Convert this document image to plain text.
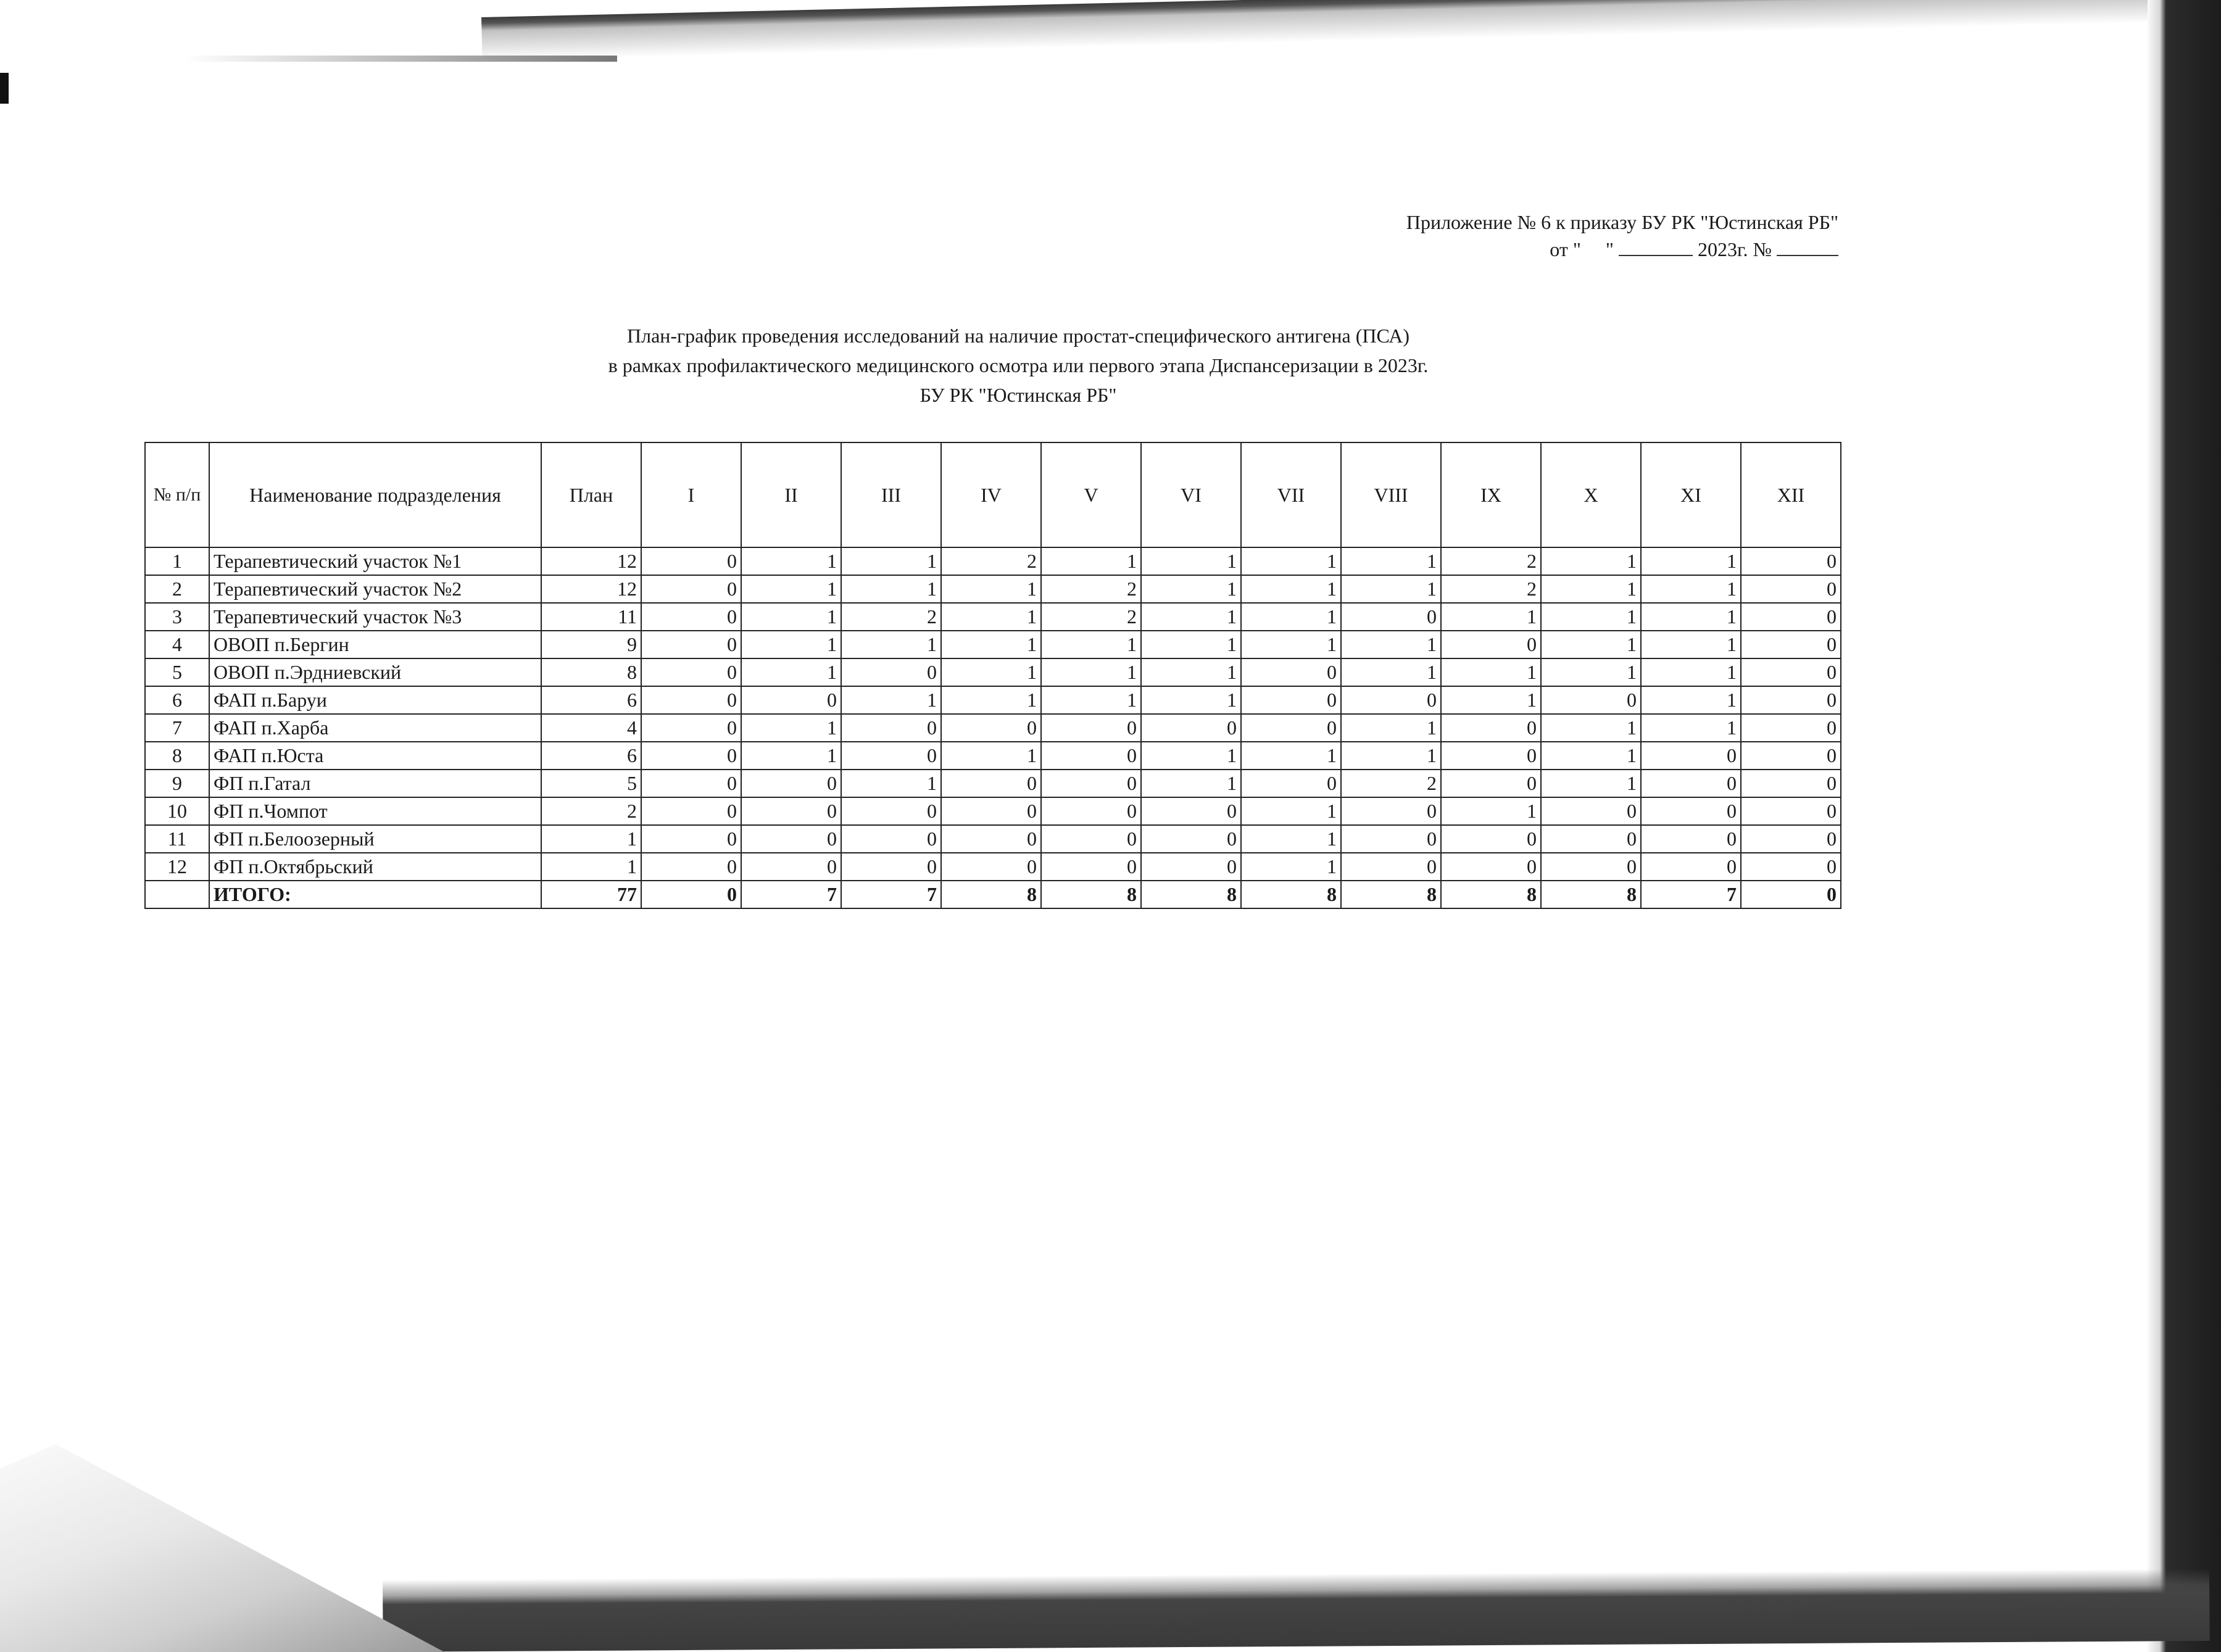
Приложение № 6 к приказу БУ РК "Юстинская РБ"
от " "	2023г. №
План-график проведения исследований на наличие простат-специфического антигена (ПСА)
в рамках профилактического медицинского осмотра или первого этапа Диспансеризации в 2023г.
БУ РК "Юстинская РБ"
№ п/п	Наименование подразделения	План	I	II	III	IV	V	VI	VII	VIII	IX	X	XI	XII
1	Терапевтический участок №1	12	0	1	1	2	1	1	1	1	2	1	1	0
2	Терапевтический участок №2	12	0	1	1	1	2	1	1	1	2	1	1	0
3	Терапевтический участок №3	11	0	1	2	1	2	1	1	0	1	1	1	0
4	ОВОП п.Бергин	9	0	1	1	1	1	1	1	1	0	1	1	0
5	ОВОП п.Эрдниевский	8	0	1	0	1	1	1	0	1	1	1	1	0
6	ФАП п.Баруи	6	0	0	1	1	1	1	0	0	1	0	1	0
7	ФАП п.Харба	4	0	1	0	0	0	0	0	1	0	1	1	0
8	ФАП п.Юста	6	0	1	0	1	0	1	1	1	0	1	0	0
9	ФП п.Гатал	5	0	0	1	0	0	1	0	2	0	1	0	0
10	ФП п.Чомпот	2	0	0	0	0	0	0	1	0	1	0	0	0
11	ФП п.Белоозерный	1	0	0	0	0	0	0	1	0	0	0	0	0
12	ФП п.Октябрьский	1	0	0	0	0	0	0	1	0	0	0	0	0
	ИТОГО:	77	0	7	7	8	8	8	8	8	8	8	7	0
